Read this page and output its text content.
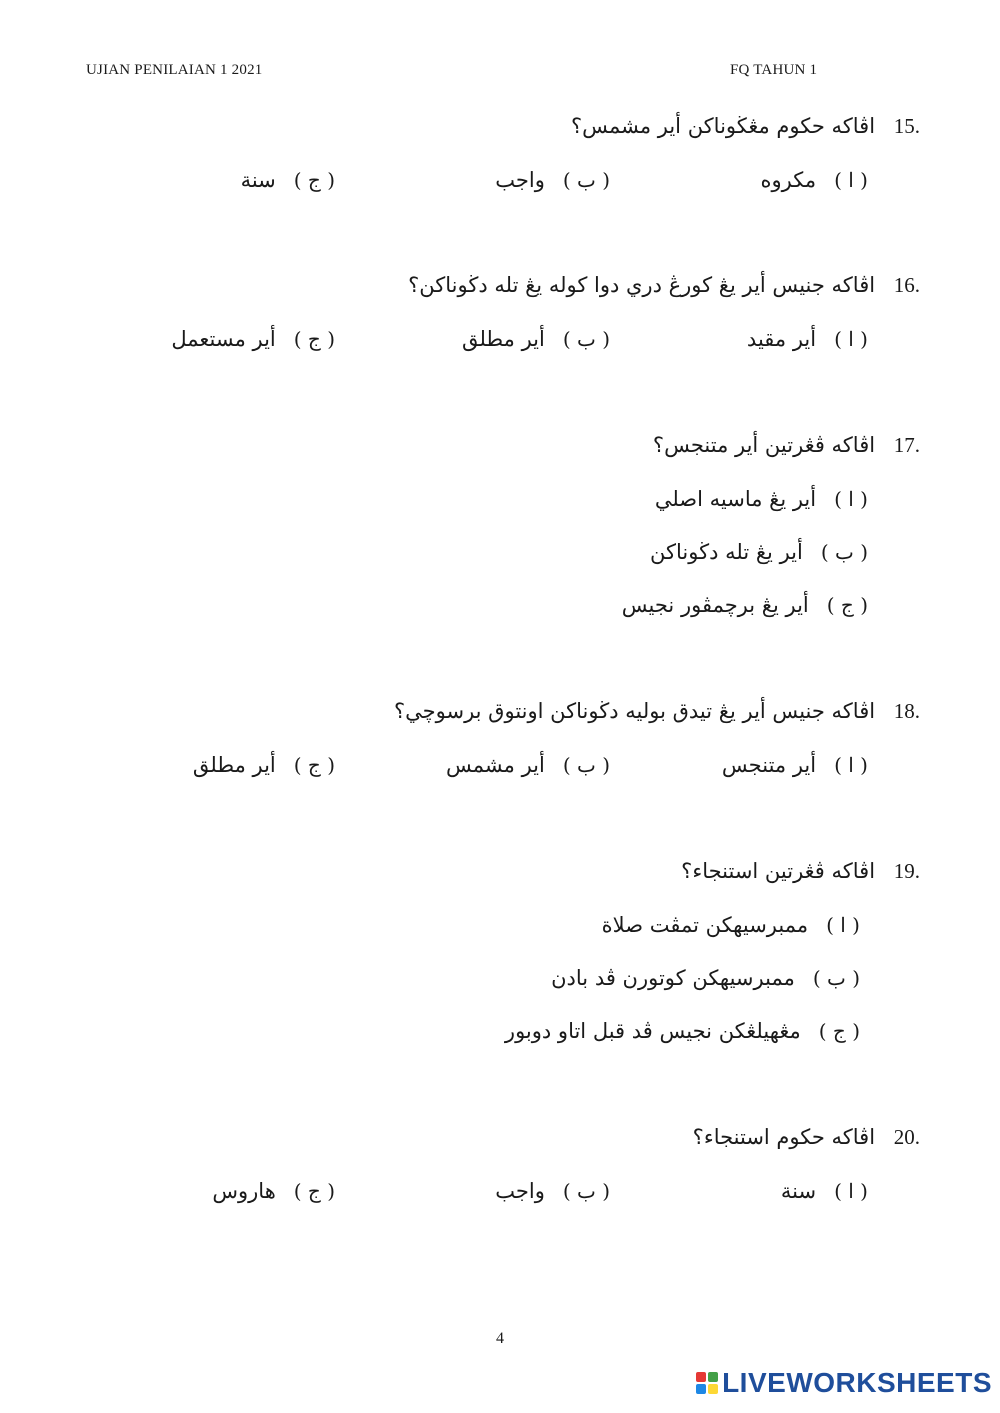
UJIAN PENILAIAN 1 2021	FQ TAHUN 1
15. اڤاكه حكوم مڠڬوناكن أير مشمس؟
( ا )مكروه
( ب )واجب
( ج )سنة
16. اڤاكه جنيس أير يڠ كورڠ دري دوا كوله يڠ تله دڬوناكن؟
( ا )أير مقيد
( ب )أير مطلق
( ج )أير مستعمل
17. اڤاكه ڤڠرتين أير متنجس؟
( ا )أير يڠ ماسيه اصلي
( ب )أير يڠ تله دڬوناكن
( ج )أير يڠ برچمڤور نجيس
18. اڤاكه جنيس أير يڠ تيدق بوليه دڬوناكن اونتوق برسوچي؟
( ا )أير متنجس
( ب )أير مشمس
( ج )أير مطلق
19. اڤاكه ڤڠرتين استنجاء؟
( ا )ممبرسيهكن تمڤت صلاة
( ب )ممبرسيهكن كوتورن ڤد بادن
( ج )مڠهيلڠكن نجيس ڤد قبل اتاو دوبور
20. اڤاكه حكوم استنجاء؟
( ا )سنة
( ب )واجب
( ج )هاروس
4
LIVEWORKSHEETS
